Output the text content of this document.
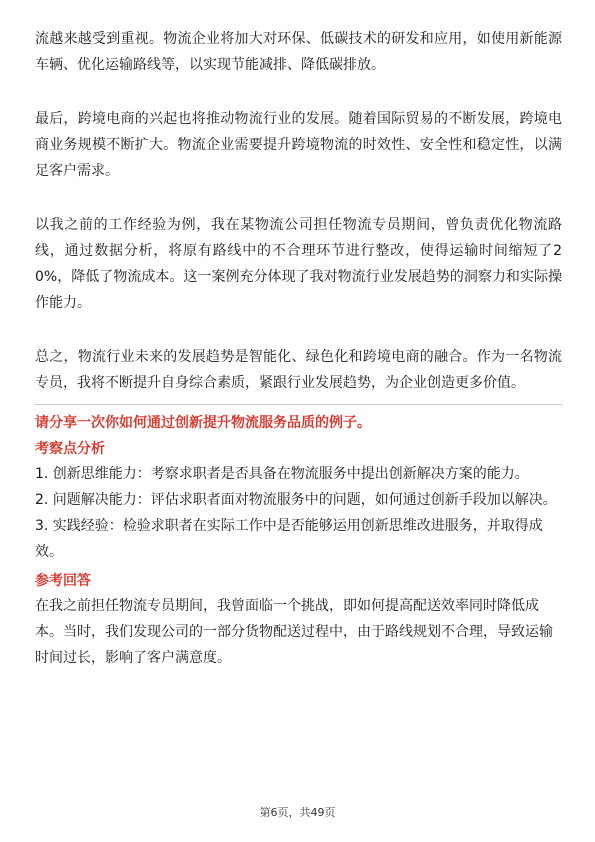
流越来越受到重视。物流企业将加大对环保、低碳技术的研发和应用，如使用新能源车辆、优化运输路线等，以实现节能减排、降低碳排放。

最后，跨境电商的兴起也将推动物流行业的发展。随着国际贸易的不断发展，跨境电商业务规模不断扩大。物流企业需要提升跨境物流的时效性、安全性和稳定性，以满足客户需求。

以我之前的工作经验为例，我在某物流公司担任物流专员期间，曾负责优化物流路线，通过数据分析，将原有路线中的不合理环节进行整改，使得运输时间缩短了20%，降低了物流成本。这一案例充分体现了我对物流行业发展趋势的洞察力和实际操作能力。

总之，物流行业未来的发展趋势是智能化、绿色化和跨境电商的融合。作为一名物流专员，我将不断提升自身综合素质，紧跟行业发展趋势，为企业创造更多价值。

请分享一次你如何通过创新提升物流服务品质的例子。

考察点分析

1. 创新思维能力：考察求职者是否具备在物流服务中提出创新解决方案的能力。

2. 问题解决能力：评估求职者面对物流服务中的问题，如何通过创新手段加以解决。

3. 实践经验：检验求职者在实际工作中是否能够运用创新思维改进服务，并取得成效。

参考回答

在我之前担任物流专员期间，我曾面临一个挑战，即如何提高配送效率同时降低成本。当时，我们发现公司的一部分货物配送过程中，由于路线规划不合理，导致运输时间过长，影响了客户满意度。

第6页，共49页
